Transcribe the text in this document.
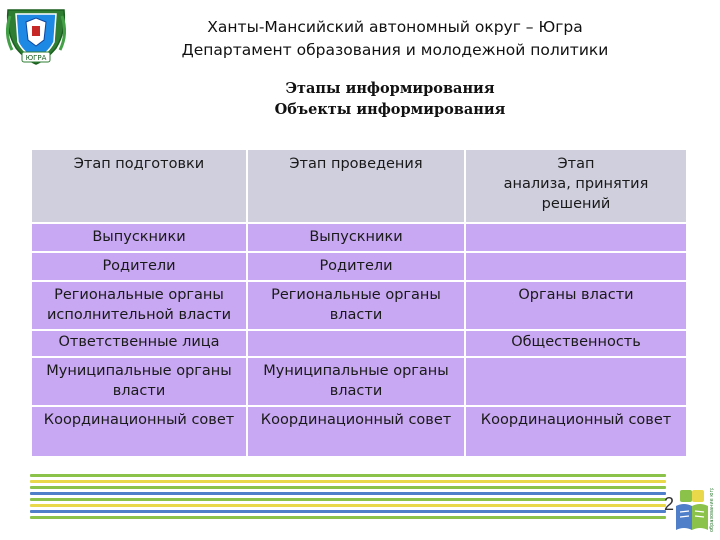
ЮГРА
Ханты-Мансийский автономный округ – Югра
Департамент образования и молодежной политики
Этапы информирования
Объекты информирования
Этап подготовки	Этап проведения	Этап
анализа, принятия
решений
Выпускники	Выпускники	
Родители	Родители	
Региональные органы исполнительной власти	Региональные органы власти	Органы власти
Ответственные лица		Общественность
Муниципальные органы власти	Муниципальные органы власти	
Координационный совет	Координационный совет	Координационный совет
2	образование югры
